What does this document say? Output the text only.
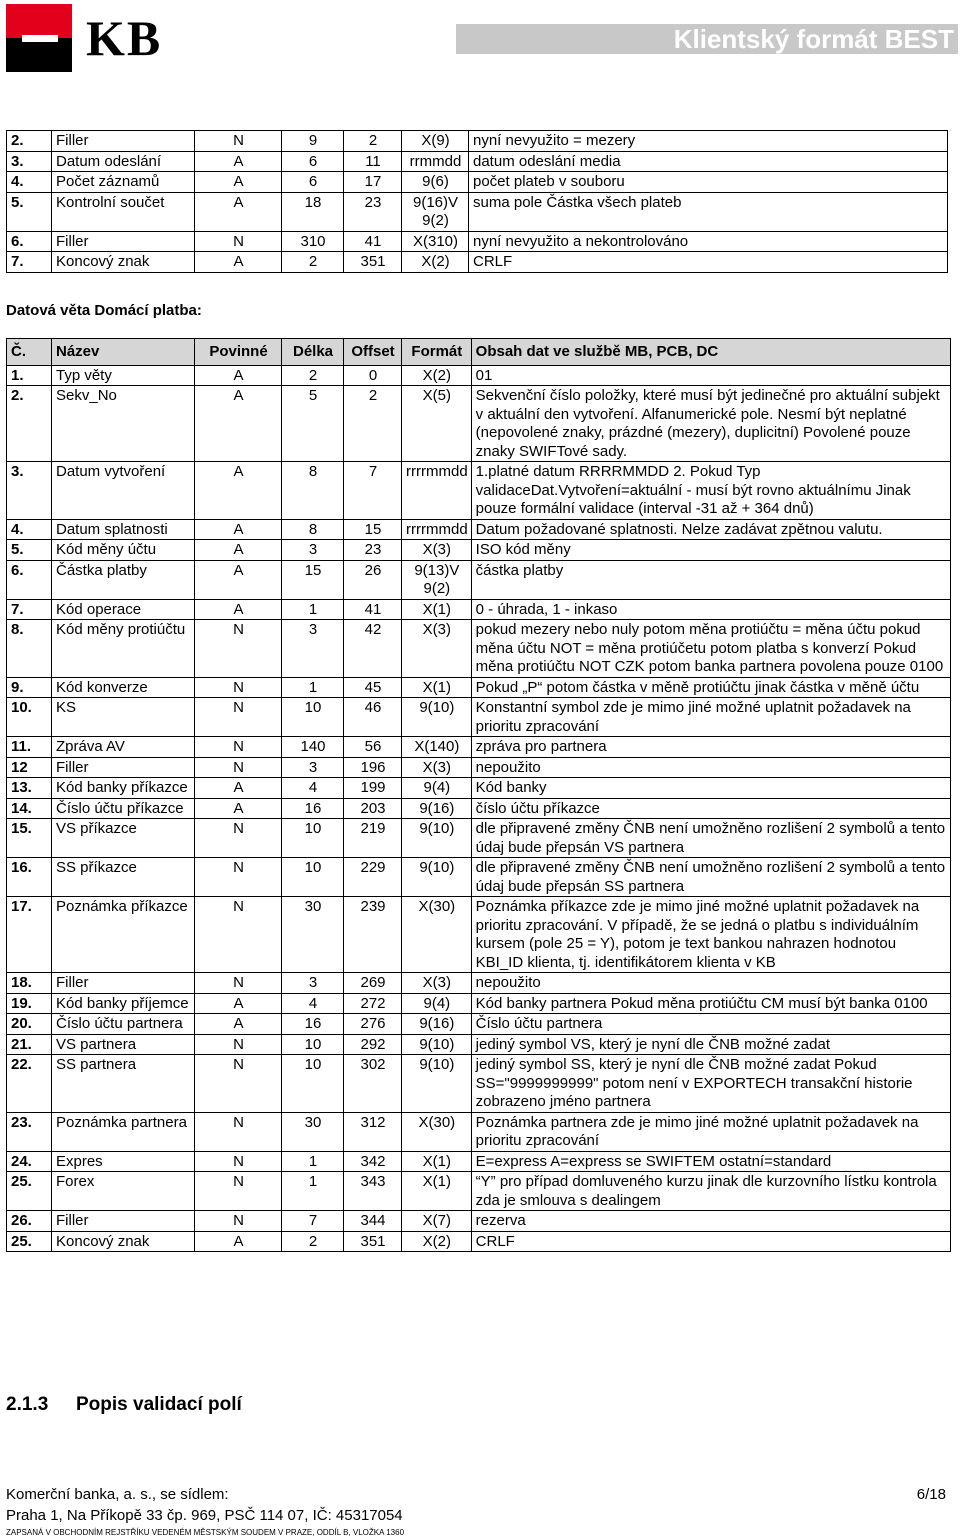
KB	Klientský formát BEST
2.	Filler	N	9	2	X(9)	nyní nevyužito = mezery
3.	Datum odeslání	A	6	11	rrmmdd	datum odeslání media
4.	Počet záznamů	A	6	17	9(6)	počet plateb v souboru
5.	Kontrolní součet	A	18	23	9(16)V 9(2)	suma pole Částka všech plateb
6.	Filler	N	310	41	X(310)	nyní nevyužito a nekontrolováno
7.	Koncový znak	A	2	351	X(2)	CRLF
Datová věta Domácí platba:
Č.	Název	Povinné	Délka	Offset	Formát	Obsah dat ve službě MB, PCB, DC
1.	Typ věty	A	2	0	X(2)	01
2.	Sekv_No	A	5	2	X(5)	Sekvenční číslo položky, které musí být jedinečné pro aktuální subjekt v aktuální den vytvoření. Alfanumerické pole. Nesmí být neplatné (nepovolené znaky, prázdné (mezery), duplicitní) Povolené pouze znaky SWIFTové sady.
3.	Datum vytvoření	A	8	7	rrrrmmdd	1.platné datum RRRRMMDD 2. Pokud Typ validaceDat.Vytvoření=aktuální - musí být rovno aktuálnímu Jinak pouze formální validace (interval -31 až + 364 dnů)
4.	Datum splatnosti	A	8	15	rrrrmmdd	Datum požadované splatnosti. Nelze zadávat zpětnou valutu.
5.	Kód měny účtu	A	3	23	X(3)	ISO kód měny
6.	Částka platby	A	15	26	9(13)V 9(2)	částka platby
7.	Kód operace	A	1	41	X(1)	0 - úhrada, 1 - inkaso
8.	Kód měny protiúčtu	N	3	42	X(3)	pokud mezery nebo nuly potom měna protiúčtu = měna účtu pokud měna účtu NOT = měna protiúčetu potom platba s konverzí Pokud měna protiúčtu NOT CZK potom banka partnera povolena pouze 0100
9.	Kód konverze	N	1	45	X(1)	Pokud „P“ potom částka v měně protiúčtu jinak částka v měně účtu
10.	KS	N	10	46	9(10)	Konstantní symbol zde je mimo jiné možné uplatnit požadavek na prioritu zpracování
11.	Zpráva AV	N	140	56	X(140)	zpráva pro partnera
12	Filler	N	3	196	X(3)	nepoužito
13.	Kód banky příkazce	A	4	199	9(4)	Kód banky
14.	Číslo účtu příkazce	A	16	203	9(16)	číslo účtu příkazce
15.	VS příkazce	N	10	219	9(10)	dle připravené změny ČNB není umožněno rozlišení 2 symbolů a tento údaj bude přepsán VS partnera
16.	SS příkazce	N	10	229	9(10)	dle připravené změny ČNB není umožněno rozlišení 2 symbolů a tento údaj bude přepsán SS partnera
17.	Poznámka příkazce	N	30	239	X(30)	Poznámka příkazce zde je mimo jiné možné uplatnit požadavek na prioritu zpracování. V případě, že se jedná o platbu s individuálním kursem (pole 25 = Y), potom je text bankou nahrazen hodnotou KBI_ID klienta, tj. identifikátorem klienta v KB
18.	Filler	N	3	269	X(3)	nepoužito
19.	Kód banky příjemce	A	4	272	9(4)	Kód banky partnera Pokud měna protiúčtu CM musí být banka 0100
20.	Číslo účtu partnera	A	16	276	9(16)	Číslo účtu partnera
21.	VS partnera	N	10	292	9(10)	jediný symbol VS, který je nyní dle ČNB možné zadat
22.	SS partnera	N	10	302	9(10)	jediný symbol SS, který je nyní dle ČNB možné zadat Pokud SS="9999999999" potom není v EXPORTECH transakční historie zobrazeno jméno partnera
23.	Poznámka partnera	N	30	312	X(30)	Poznámka partnera zde je mimo jiné možné uplatnit požadavek na prioritu zpracování
24.	Expres	N	1	342	X(1)	E=express A=express se SWIFTEM ostatní=standard
25.	Forex	N	1	343	X(1)	“Y” pro případ domluveného kurzu jinak dle kurzovního lístku kontrola zda je smlouva s dealingem
26.	Filler	N	7	344	X(7)	rezerva
25.	Koncový znak	A	2	351	X(2)	CRLF
2.1.3 Popis validací polí
Komerční banka, a. s., se sídlem:
Praha 1, Na Příkopě 33 čp. 969, PSČ 114 07, IČ: 45317054
ZAPSANÁ V OBCHODNÍM REJSTŘÍKU VEDENÉM MĚSTSKÝM SOUDEM V PRAZE, ODDÍL B, VLOŽKA 1360
6/18
